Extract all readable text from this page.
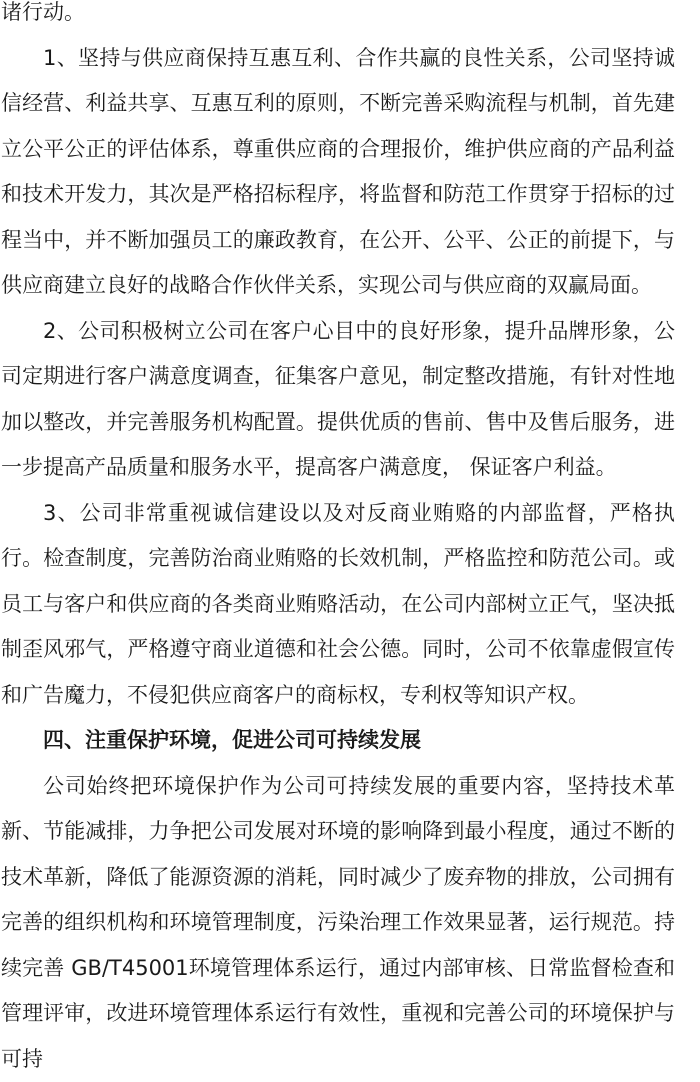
诸行动。

1、坚持与供应商保持互惠互利、合作共赢的良性关系，公司坚持诚信经营、利益共享、互惠互利的原则，不断完善采购流程与机制，首先建立公平公正的评估体系，尊重供应商的合理报价，维护供应商的产品利益和技术开发力，其次是严格招标程序，将监督和防范工作贯穿于招标的过程当中，并不断加强员工的廉政教育，在公开、公平、公正的前提下，与供应商建立良好的战略合作伙伴关系，实现公司与供应商的双赢局面。

2、公司积极树立公司在客户心目中的良好形象，提升品牌形象，公司定期进行客户满意度调查，征集客户意见，制定整改措施，有针对性地加以整改，并完善服务机构配置。提供优质的售前、售中及售后服务，进一步提高产品质量和服务水平，提高客户满意度， 保证客户利益。

3、公司非常重视诚信建设以及对反商业贿赂的内部监督，严格执行。检查制度，完善防治商业贿赂的长效机制，严格监控和防范公司。或员工与客户和供应商的各类商业贿赂活动，在公司内部树立正气，坚决抵制歪风邪气，严格遵守商业道德和社会公德。同时，公司不依靠虚假宣传和广告魔力，不侵犯供应商客户的商标权，专利权等知识产权。

四、注重保护环境，促进公司可持续发展

公司始终把环境保护作为公司可持续发展的重要内容，坚持技术革新、节能减排，力争把公司发展对环境的影响降到最小程度，通过不断的技术革新，降低了能源资源的消耗，同时减少了废弃物的排放，公司拥有完善的组织机构和环境管理制度，污染治理工作效果显著，运行规范。持续完善 GB/T45001环境管理体系运行，通过内部审核、日常监督检查和管理评审，改进环境管理体系运行有效性，重视和完善公司的环境保护与可持
